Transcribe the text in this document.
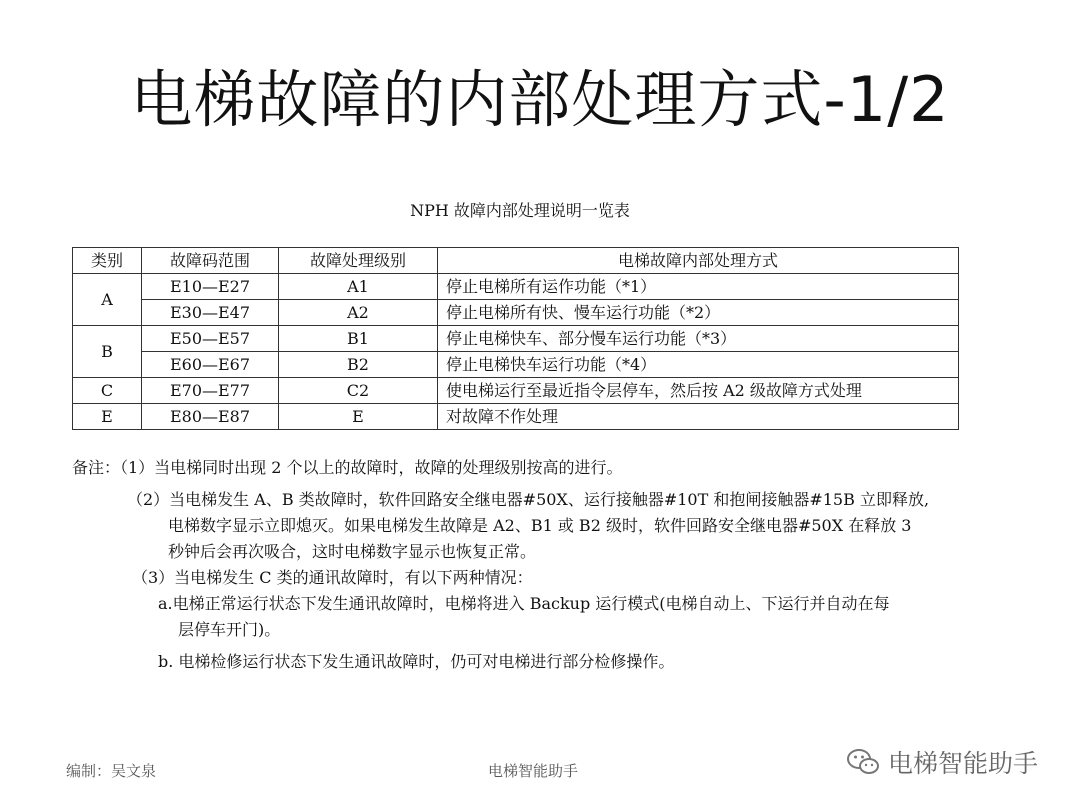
电梯故障的内部处理方式-1/2
NPH 故障内部处理说明一览表
类别	故障码范围	故障处理级别	电梯故障内部处理方式
A	E10—E27	A1	停止电梯所有运作功能（*1）
	E30—E47	A2	停止电梯所有快、慢车运行功能（*2）
B	E50—E57	B1	停止电梯快车、部分慢车运行功能（*3）
	E60—E67	B2	停止电梯快车运行功能（*4）
C	E70—E77	C2	使电梯运行至最近指令层停车，然后按 A2 级故障方式处理
E	E80—E87	E	对故障不作处理
备注：（1）当电梯同时出现 2 个以上的故障时，故障的处理级别按高的进行。
（2）当电梯发生 A、B 类故障时，软件回路安全继电器#50X、运行接触器#10T 和抱闸接触器#15B 立即释放,
电梯数字显示立即熄灭。如果电梯发生故障是 A2、B1 或 B2 级时，软件回路安全继电器#50X 在释放 3
秒钟后会再次吸合，这时电梯数字显示也恢复正常。
（3）当电梯发生 C 类的通讯故障时，有以下两种情况：
a.电梯正常运行状态下发生通讯故障时，电梯将进入 Backup 运行模式(电梯自动上、下运行并自动在每
层停车开门)。
b. 电梯检修运行状态下发生通讯故障时，仍可对电梯进行部分检修操作。
编制：吴文泉	电梯智能助手	电梯智能助手
